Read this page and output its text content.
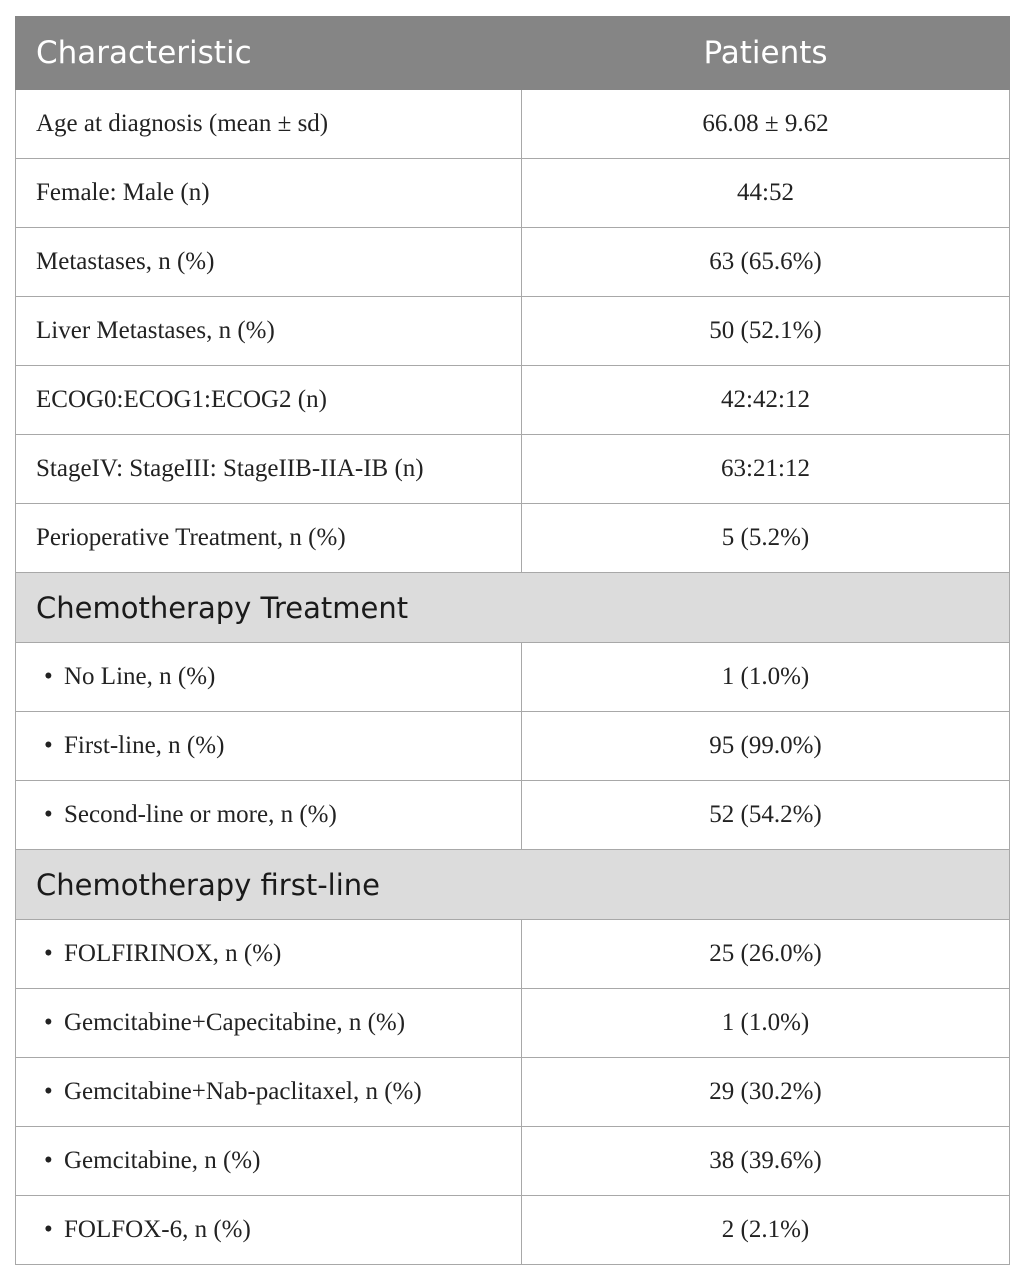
Characteristic	Patients
Age at diagnosis (mean ± sd)	66.08 ± 9.62
Female: Male (n)	44:52
Metastases, n (%)	63 (65.6%)
Liver Metastases, n (%)	50 (52.1%)
ECOG0:ECOG1:ECOG2 (n)	42:42:12
StageIV: StageIII: StageIIB-IIA-IB (n)	63:21:12
Perioperative Treatment, n (%)	5 (5.2%)
Chemotherapy Treatment	
• No Line, n (%)	1 (1.0%)
• First-line, n (%)	95 (99.0%)
• Second-line or more, n (%)	52 (54.2%)
Chemotherapy first-line	
• FOLFIRINOX, n (%)	25 (26.0%)
• Gemcitabine+Capecitabine, n (%)	1 (1.0%)
• Gemcitabine+Nab-paclitaxel, n (%)	29 (30.2%)
• Gemcitabine, n (%)	38 (39.6%)
• FOLFOX-6, n (%)	2 (2.1%)
